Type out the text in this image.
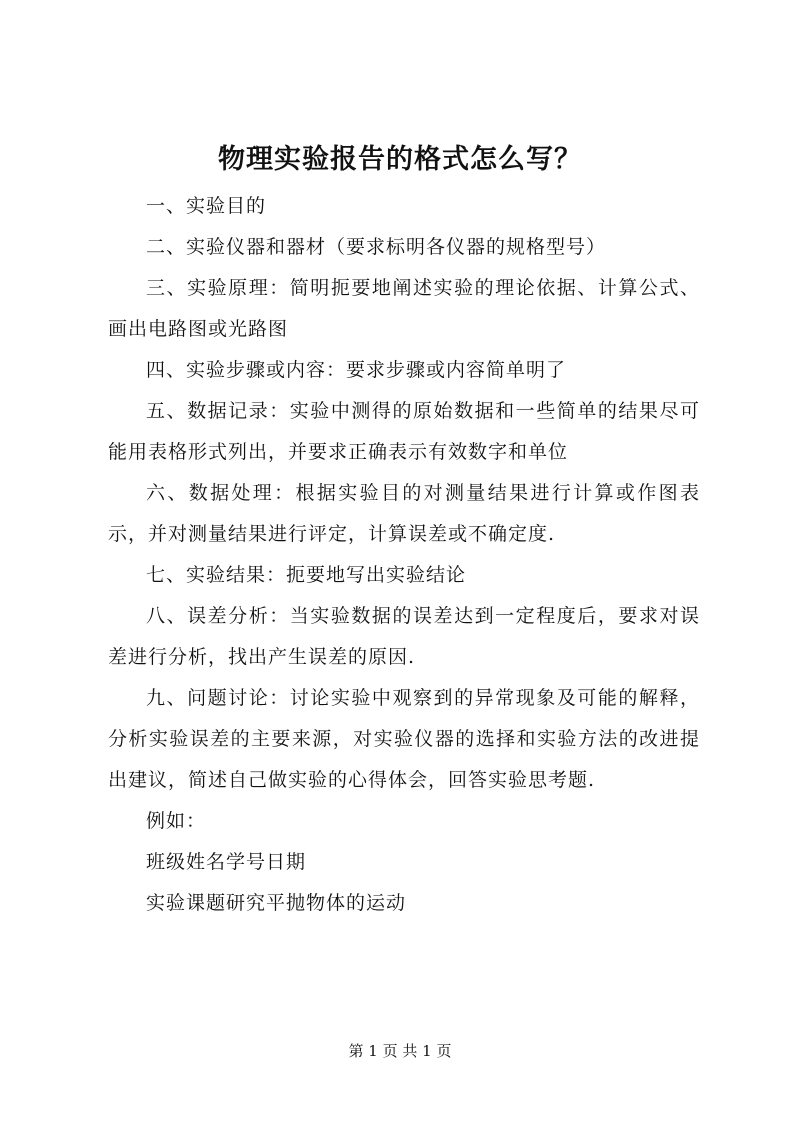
物理实验报告的格式怎么写？

一、实验目的

二、实验仪器和器材（要求标明各仪器的规格型号）

三、实验原理：简明扼要地阐述实验的理论依据、计算公式、画出电路图或光路图

四、实验步骤或内容：要求步骤或内容简单明了

五、数据记录：实验中测得的原始数据和一些简单的结果尽可能用表格形式列出，并要求正确表示有效数字和单位

六、数据处理：根据实验目的对测量结果进行计算或作图表示，并对测量结果进行评定，计算误差或不确定度.

七、实验结果：扼要地写出实验结论

八、误差分析：当实验数据的误差达到一定程度后，要求对误差进行分析，找出产生误差的原因.

九、问题讨论：讨论实验中观察到的异常现象及可能的解释，分析实验误差的主要来源，对实验仪器的选择和实验方法的改进提出建议，简述自己做实验的心得体会，回答实验思考题.

例如：

班级姓名学号日期

实验课题研究平抛物体的运动

第 1 页 共 1 页
